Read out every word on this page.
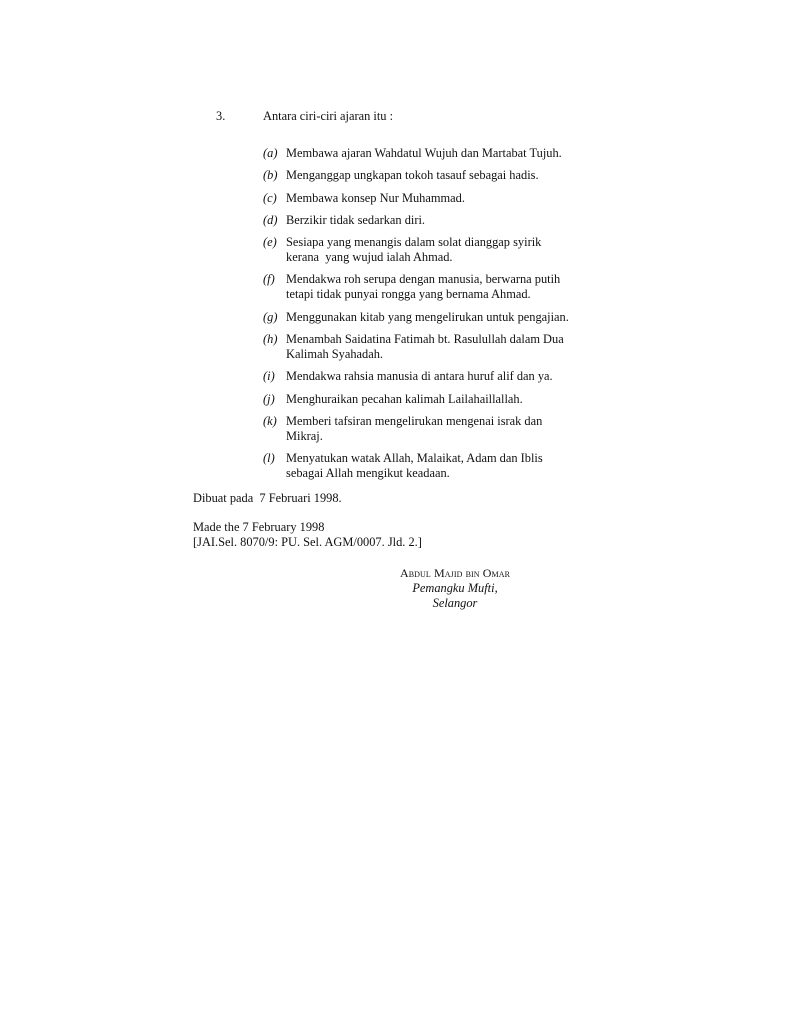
3.	Antara ciri-ciri ajaran itu :
(a) Membawa ajaran Wahdatul Wujuh dan Martabat Tujuh.
(b) Menganggap ungkapan tokoh tasauf sebagai hadis.
(c) Membawa konsep Nur Muhammad.
(d) Berzikir tidak sedarkan diri.
(e) Sesiapa yang menangis dalam solat dianggap syirik
kerana  yang wujud ialah Ahmad.
(f) Mendakwa roh serupa dengan manusia, berwarna putih
tetapi tidak punyai rongga yang bernama Ahmad.
(g) Menggunakan kitab yang mengelirukan untuk pengajian.
(h) Menambah Saidatina Fatimah bt. Rasulullah dalam Dua
Kalimah Syahadah.
(i) Mendakwa rahsia manusia di antara huruf alif dan ya.
(j) Menghuraikan pecahan kalimah Lailahaillallah.
(k) Memberi tafsiran mengelirukan mengenai israk dan
Mikraj.
(l) Menyatukan watak Allah, Malaikat, Adam dan Iblis
sebagai Allah mengikut keadaan.
Dibuat pada  7 Februari 1998.
Made the 7 February 1998
[JAI.Sel. 8070/9: PU. Sel. AGM/0007. Jld. 2.]
Abdul Majid bin Omar
Pemangku Mufti,
Selangor
